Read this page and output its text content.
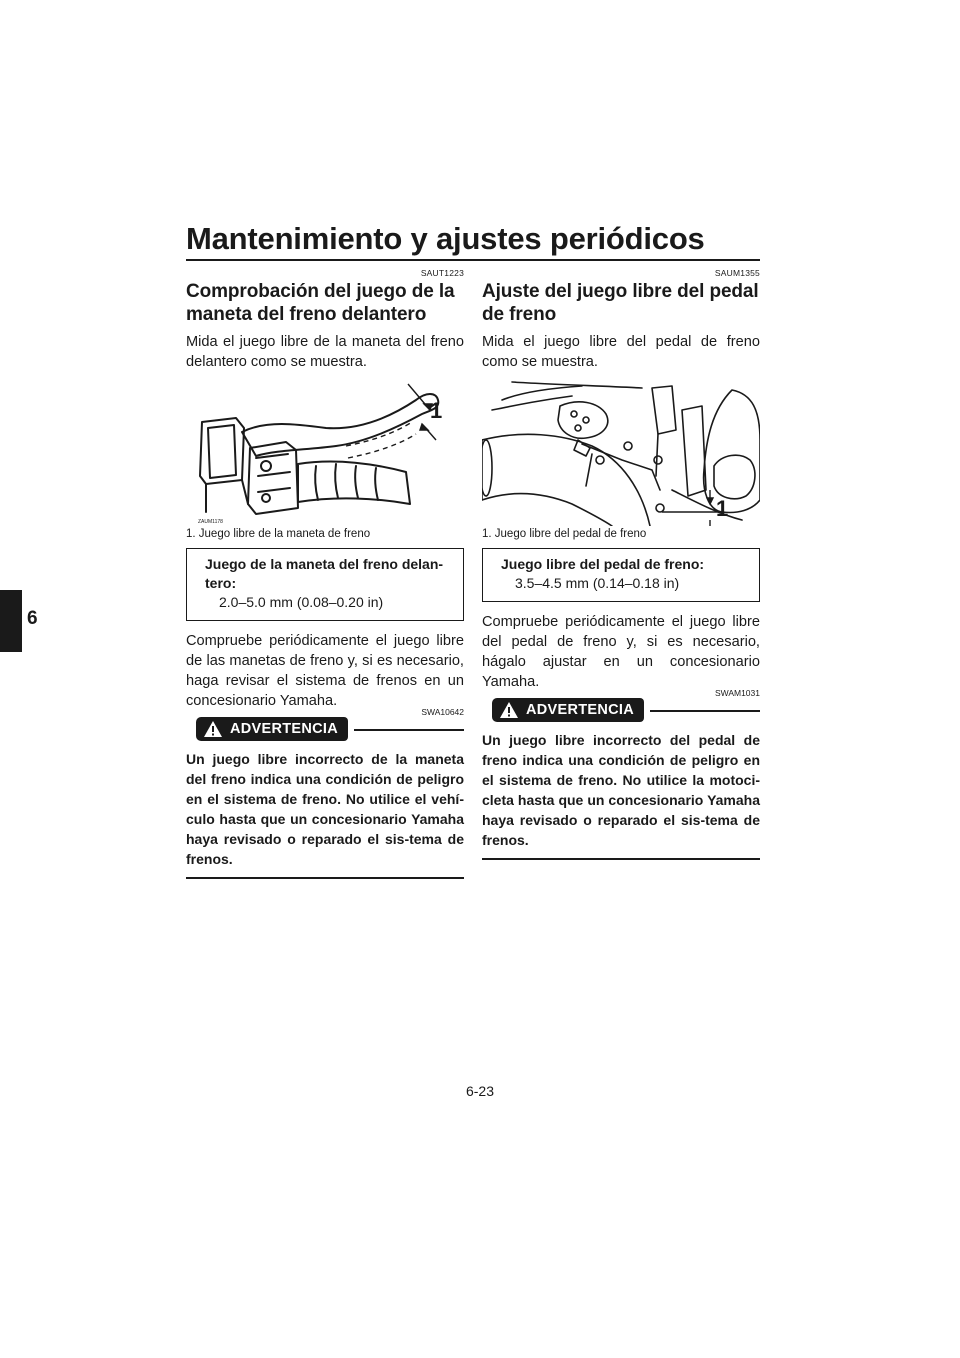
Mantenimiento y ajustes periódicos
6
SAUT1223
Comprobación del juego de la maneta del freno delantero

Mida el juego libre de la maneta del freno delantero como se muestra.

1
ZAUM1178
1. Juego libre de la maneta de freno
Juego de la maneta del freno delan-tero:
2.0–5.0 mm (0.08–0.20 in)

Compruebe periódicamente el juego libre de las manetas de freno y, si es necesario, haga revisar el sistema de frenos en un concesionario Yamaha.

SWA10642
ADVERTENCIA
Un juego libre incorrecto de la maneta del freno indica una condición de peligro en el sistema de freno. No utilice el vehí-culo hasta que un concesionario Yamaha haya revisado o reparado el sis-tema de frenos.
SAUM1355
Ajuste del juego libre del pedal de freno

Mida el juego libre del pedal de freno como se muestra.

1
1. Juego libre del pedal de freno
Juego libre del pedal de freno:
3.5–4.5 mm (0.14–0.18 in)

Compruebe periódicamente el juego libre del pedal de freno y, si es necesario, hágalo ajustar en un concesionario Yamaha.

SWAM1031
ADVERTENCIA
Un juego libre incorrecto del pedal de freno indica una condición de peligro en el sistema de freno. No utilice la motoci-cleta hasta que un concesionario Yamaha haya revisado o reparado el sis-tema de frenos.
6-23
